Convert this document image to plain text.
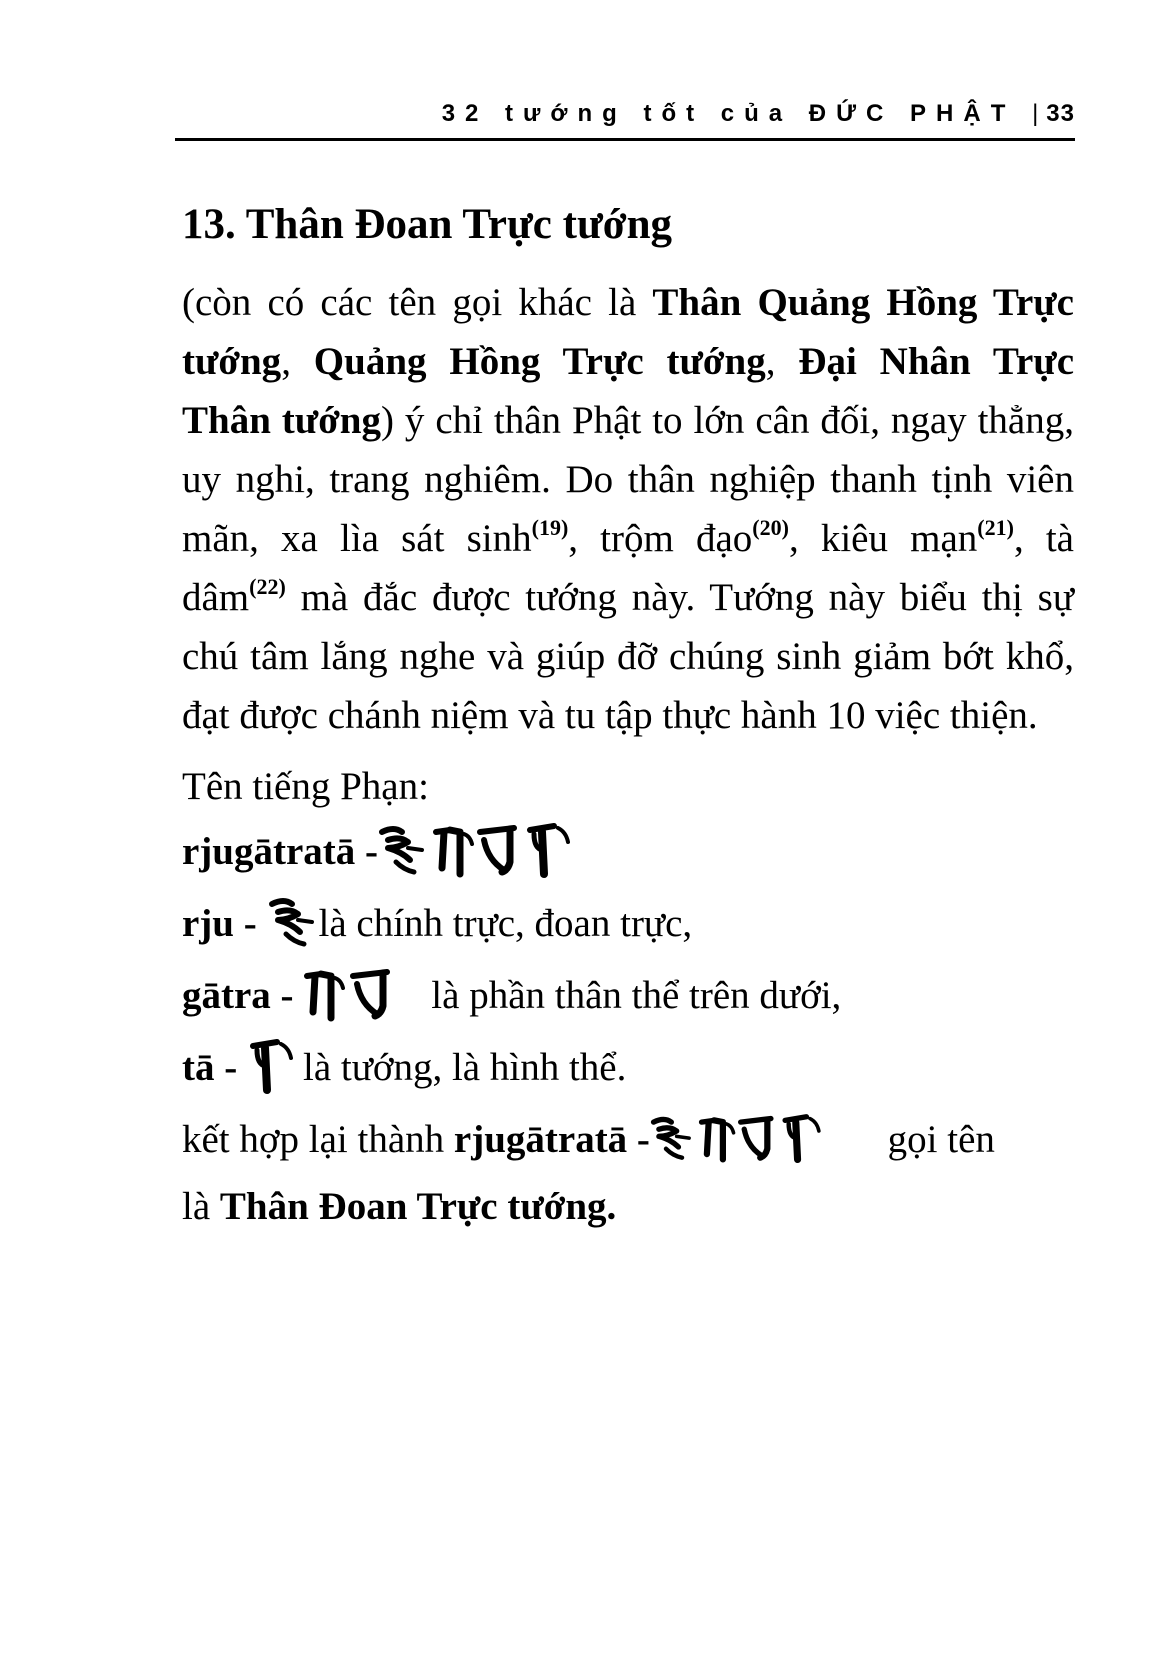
32 tướng tốt của ĐỨC PHẬT | 33
13. Thân Đoan Trực tướng

(còn có các tên gọi khác là Thân Quảng Hồng Trực tướng, Quảng Hồng Trực tướng, Đại Nhân Trực Thân tướng) ý chỉ thân Phật to lớn cân đối, ngay thẳng, uy nghi, trang nghiêm. Do thân nghiệp thanh tịnh viên mãn, xa lìa sát $\sinh^{(19)}$, trộm đạo$^{(20)}$, kiêu mạn$^{(21)}$, tà dâm$^{(22)}$ mà đắc được tướng này. Tướng này biểu thị sự chú tâm lắng nghe và giúp đỡ chúng sinh giảm bớt khổ, đạt được chánh niệm và tu tập thực hành 10 việc thiện.

Tên tiếng Phạn:

rjugātratā -
rju -
là chính trực, đoan trực,
gātra -	là phần thân thể trên dưới,
tā -
là tướng, là hình thể.
kết hợp lại thành rjugātratā -	gọi tên
là Thân Đoan Trực tướng.
